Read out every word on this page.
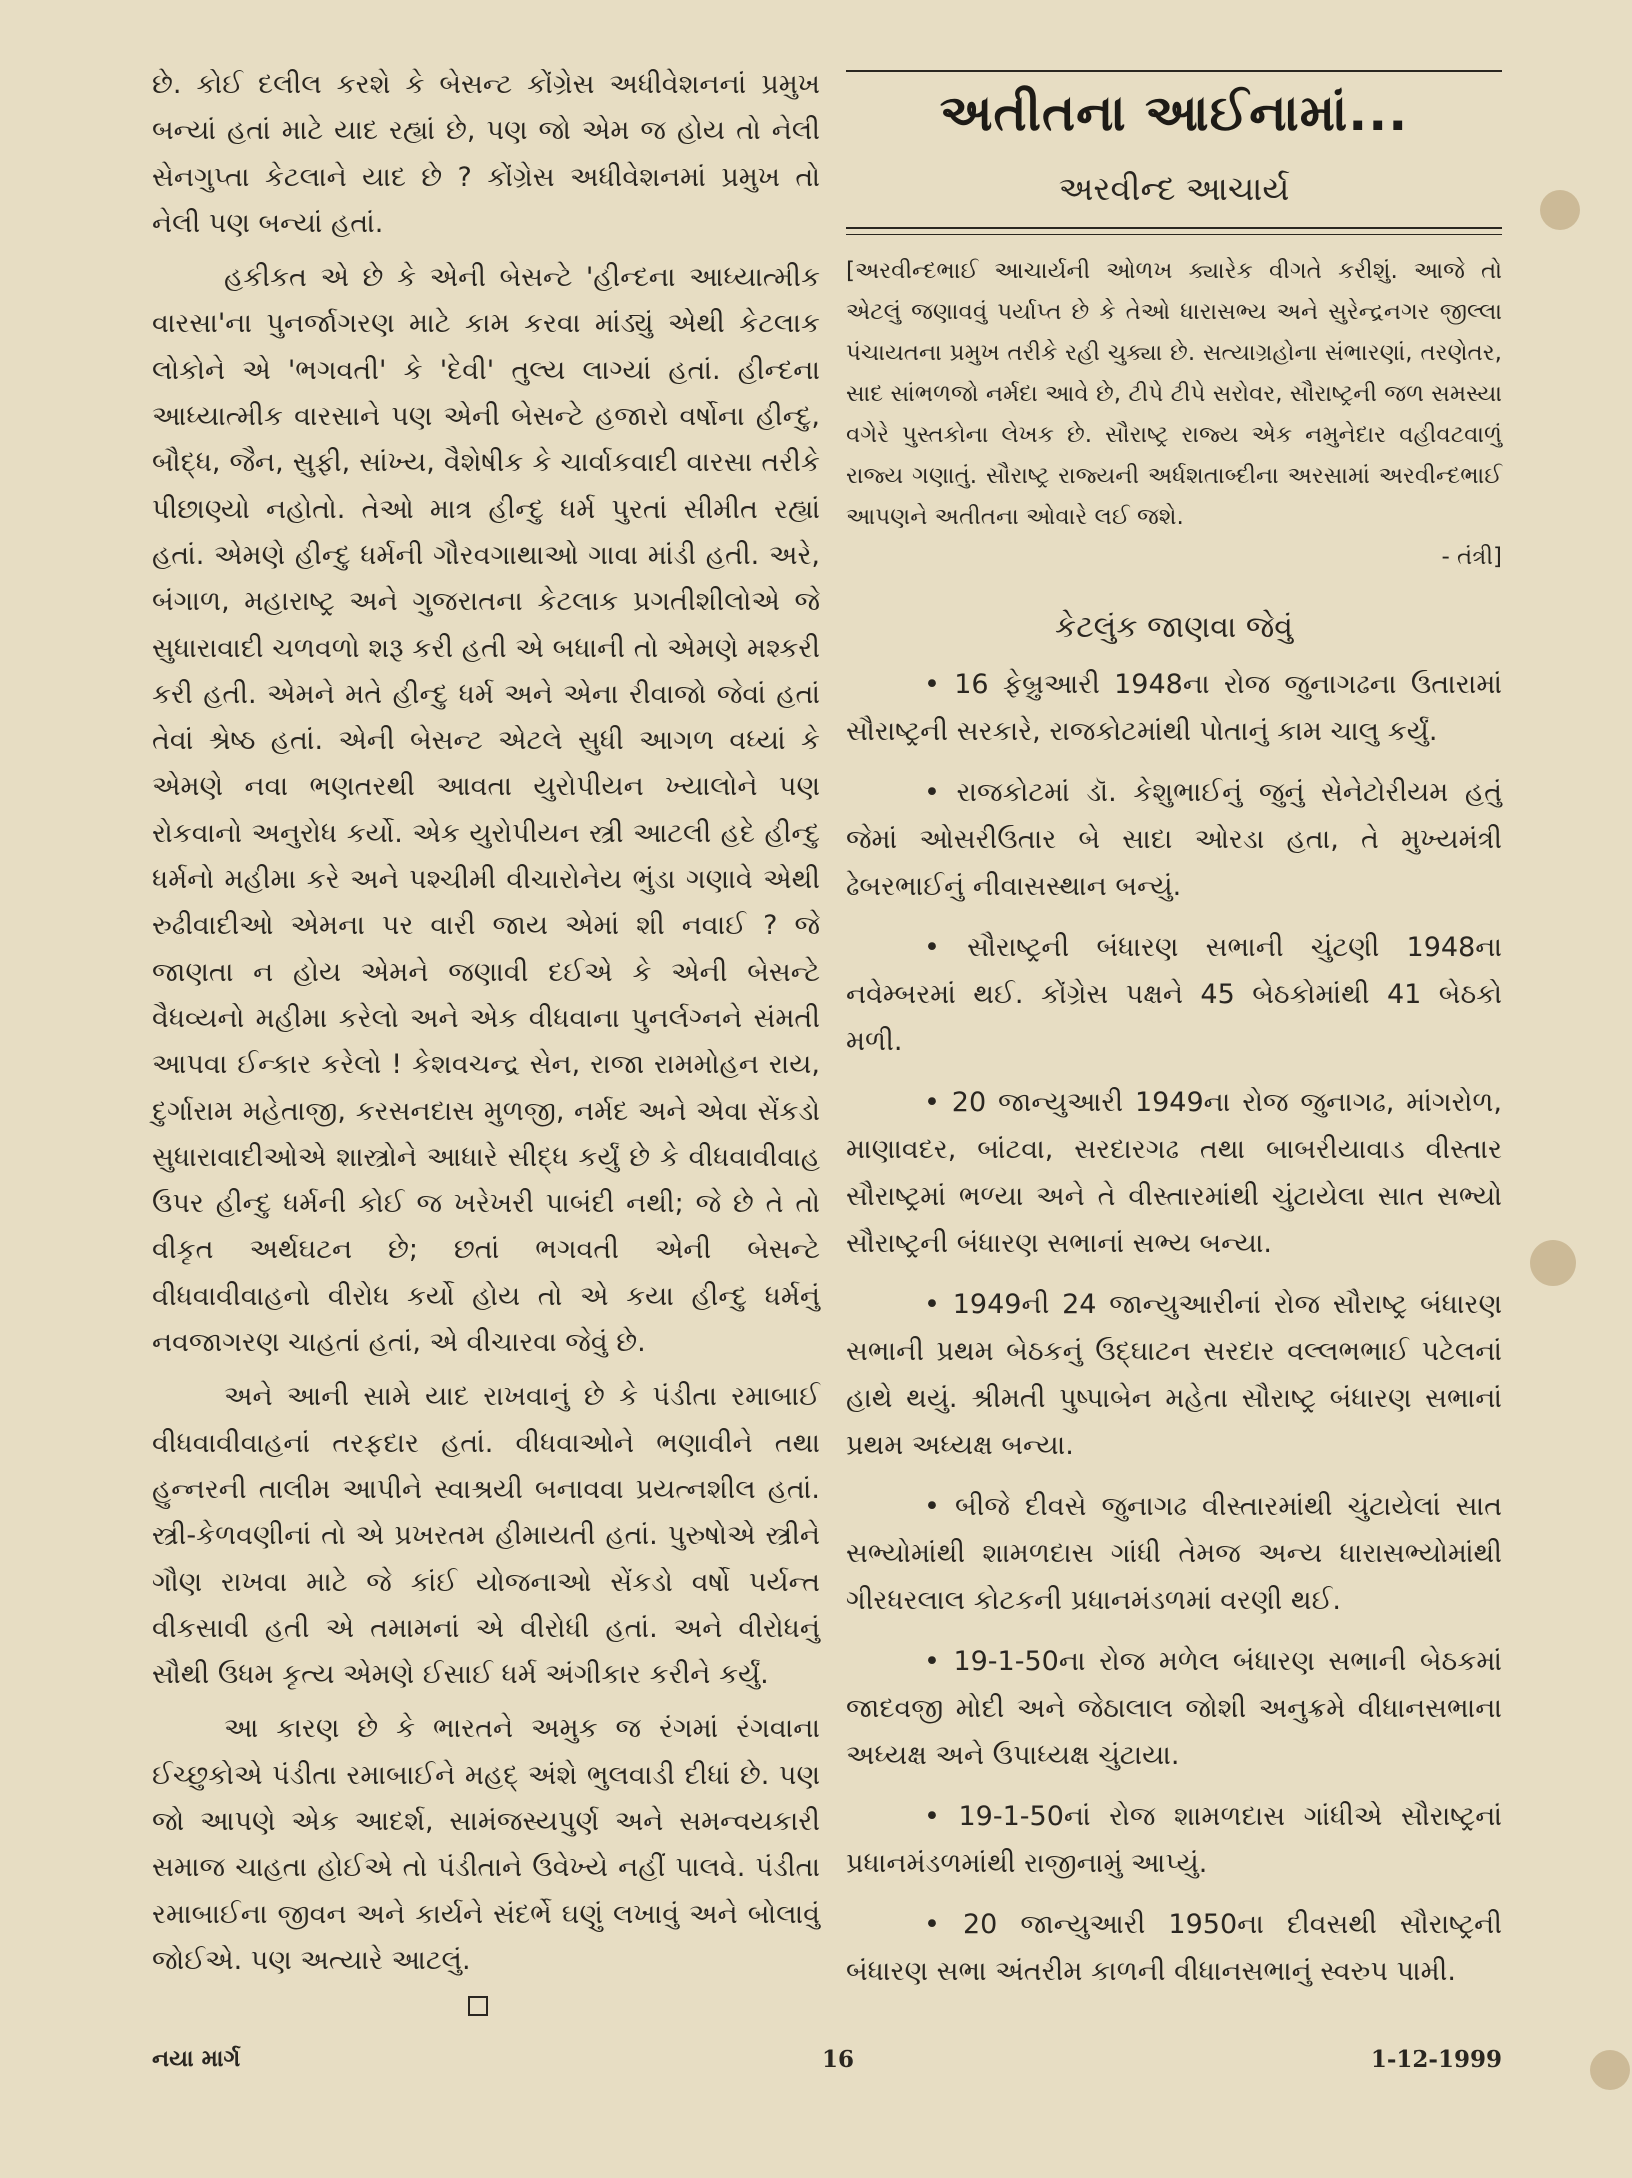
છે. કોઈ દલીલ કરશે કે બેસન્ટ કોંગ્રેસ અધીવેશનનાં પ્રમુખ બન્યાં હતાં માટે યાદ રહ્યાં છે, પણ જો એમ જ હોય તો નેલી સેનગુપ્તા કેટલાને યાદ છે ? કોંગ્રેસ અધીવેશનમાં પ્રમુખ તો નેલી પણ બન્યાં હતાં.

હકીકત એ છે કે એની બેસન્ટે 'હીન્દના આધ્યાત્મીક વારસા'ના પુનર્જાગરણ માટે કામ કરવા માંડ્યું એથી કેટલાક લોકોને એ 'ભગવતી' કે 'દેવી' તુલ્ય લાગ્યાં હતાં. હીન્દના આધ્યાત્મીક વારસાને પણ એની બેસન્ટે હજારો વર્ષોના હીન્દુ, બૌદ્ધ, જૈન, સુફી, સાંખ્ય, વૈશેષીક કે ચાર્વાકવાદી વારસા તરીકે પીછાણ્યો નહોતો. તેઓ માત્ર હીન્દુ ધર્મ પુરતાં સીમીત રહ્યાં હતાં. એમણે હીન્દુ ધર્મની ગૌરવગાથાઓ ગાવા માંડી હતી. અરે, બંગાળ, મહારાષ્ટ્ર અને ગુજરાતના કેટલાક પ્રગતીશીલોએ જે સુધારાવાદી ચળવળો શરૂ કરી હતી એ બધાની તો એમણે મશ્કરી કરી હતી. એમને મતે હીન્દુ ધર્મ અને એના રીવાજો જેવાં હતાં તેવાં શ્રેષ્ઠ હતાં. એની બેસન્ટ એટલે સુધી આગળ વધ્યાં કે એમણે નવા ભણતરથી આવતા યુરોપીયન ખ્યાલોને પણ રોકવાનો અનુરોધ કર્યો. એક યુરોપીયન સ્ત્રી આટલી હદે હીન્દુ ધર્મનો મહીમા કરે અને પશ્ચીમી વીચારોનેય ભુંડા ગણાવે એથી રુઢીવાદીઓ એમના પર વારી જાય એમાં શી નવાઈ ? જે જાણતા ન હોય એમને જણાવી દઈએ કે એની બેસન્ટે વૈધવ્યનો મહીમા કરેલો અને એક વીધવાના પુનર્લગ્નને સંમતી આપવા ઈન્કાર કરેલો ! કેશવચન્દ્ર સેન, રાજા રામમોહન રાય, દુર્ગારામ મહેતાજી, કરસનદાસ મુળજી, નર્મદ અને એવા સેંકડો સુધારાવાદીઓએ શાસ્ત્રોને આધારે સીદ્ધ કર્યું છે કે વીધવાવીવાહ ઉપર હીન્દુ ધર્મની કોઈ જ ખરેખરી પાબંદી નથી; જે છે તે તો વીકૃત અર્થઘટન છે; છતાં ભગવતી એની બેસન્ટે વીધવાવીવાહનો વીરોધ કર્યો હોય તો એ કયા હીન્દુ ધર્મનું નવજાગરણ ચાહતાં હતાં, એ વીચારવા જેવું છે.

અને આની સામે યાદ રાખવાનું છે કે પંડીતા રમાબાઈ વીધવાવીવાહનાં તરફદાર હતાં. વીધવાઓને ભણાવીને તથા હુન્નરની તાલીમ આપીને સ્વાશ્રયી બનાવવા પ્રયત્નશીલ હતાં. સ્ત્રી-કેળવણીનાં તો એ પ્રખરતમ હીમાયતી હતાં. પુરુષોએ સ્ત્રીને ગૌણ રાખવા માટે જે કાંઈ યોજનાઓ સેંકડો વર્ષો પર્યન્ત વીકસાવી હતી એ તમામનાં એ વીરોધી હતાં. અને વીરોધનું સૌથી ઉધમ કૃત્ય એમણે ઈસાઈ ધર્મ અંગીકાર કરીને કર્યું.

આ કારણ છે કે ભારતને અમુક જ રંગમાં રંગવાના ઈચ્છુકોએ પંડીતા રમાબાઈને મહદ્ અંશે ભુલવાડી દીધાં છે. પણ જો આપણે એક આદર્શ, સામંજસ્યપુર્ણ અને સમન્વયકારી સમાજ ચાહતા હોઈએ તો પંડીતાને ઉવેખ્યે નહીં પાલવે. પંડીતા રમાબાઈના જીવન અને કાર્યને સંદર્ભે ઘણું લખાવું અને બોલાવું જોઈએ. પણ અત્યારે આટલું.

અતીતના આઈનામાં...
અરવીન્દ આચાર્ય
[અરવીન્દભાઈ આચાર્યની ઓળખ ક્યારેક વીગતે કરીશું. આજે તો એટલું જણાવવું પર્યાપ્ત છે કે તેઓ ધારાસભ્ય અને સુરેન્દ્રનગર જીલ્લા પંચાયતના પ્રમુખ તરીકે રહી ચુક્યા છે. સત્યાગ્રહોના સંભારણાં, તરણેતર, સાદ સાંભળજો નર્મદા આવે છે, ટીપે ટીપે સરોવર, સૌરાષ્ટ્રની જળ સમસ્યા વગેરે પુસ્તકોના લેખક છે. સૌરાષ્ટ્ર રાજ્ય એક નમુનેદાર વહીવટવાળું રાજ્ય ગણાતું. સૌરાષ્ટ્ર રાજ્યની અર્ધશતાબ્દીના અરસામાં અરવીન્દભાઈ આપણને અતીતના ઓવારે લઈ જશે.
- તંત્રી]
કેટલુંક જાણવા જેવું

• 16 ફેબ્રુઆરી 1948ના રોજ જુનાગઢના ઉતારામાં સૌરાષ્ટ્રની સરકારે, રાજકોટમાંથી પોતાનું કામ ચાલુ કર્યું.

• રાજકોટમાં ડૉ. કેશુભાઈનું જુનું સેનેટોરીયમ હતું જેમાં ઓસરીઉતાર બે સાદા ઓરડા હતા, તે મુખ્યમંત્રી ઢેબરભાઈનું નીવાસસ્થાન બન્યું.

• સૌરાષ્ટ્રની બંધારણ સભાની ચુંટણી 1948ના નવેમ્બરમાં થઈ. કોંગ્રેસ પક્ષને 45 બેઠકોમાંથી 41 બેઠકો મળી.

• 20 જાન્યુઆરી 1949ના રોજ જુનાગઢ, માંગરોળ, માણાવદર, બાંટવા, સરદારગઢ તથા બાબરીયાવાડ વીસ્તાર સૌરાષ્ટ્રમાં ભળ્યા અને તે વીસ્તારમાંથી ચુંટાયેલા સાત સભ્યો સૌરાષ્ટ્રની બંધારણ સભાનાં સભ્ય બન્યા.

• 1949ની 24 જાન્યુઆરીનાં રોજ સૌરાષ્ટ્ર બંધારણ સભાની પ્રથમ બેઠકનું ઉદ્ઘાટન સરદાર વલ્લભભાઈ પટેલનાં હાથે થયું. શ્રીમતી પુષ્પાબેન મહેતા સૌરાષ્ટ્ર બંધારણ સભાનાં પ્રથમ અધ્યક્ષ બન્યા.

• બીજે દીવસે જુનાગઢ વીસ્તારમાંથી ચુંટાયેલાં સાત સભ્યોમાંથી શામળદાસ ગાંધી તેમજ અન્ય ધારાસભ્યોમાંથી ગીરધરલાલ કોટકની પ્રધાનમંડળમાં વરણી થઈ.

• 19-1-50ના રોજ મળેલ બંધારણ સભાની બેઠકમાં જાદવજી મોદી અને જેઠાલાલ જોશી અનુક્રમે વીધાનસભાના અધ્યક્ષ અને ઉપાધ્યક્ષ ચુંટાયા.

• 19-1-50નાં રોજ શામળદાસ ગાંધીએ સૌરાષ્ટ્રનાં પ્રધાનમંડળમાંથી રાજીનામું આપ્યું.

• 20 જાન્યુઆરી 1950ના દીવસથી સૌરાષ્ટ્રની બંધારણ સભા અંતરીમ કાળની વીધાનસભાનું સ્વરુપ પામી.

નયા માર્ગ	16	1-12-1999
